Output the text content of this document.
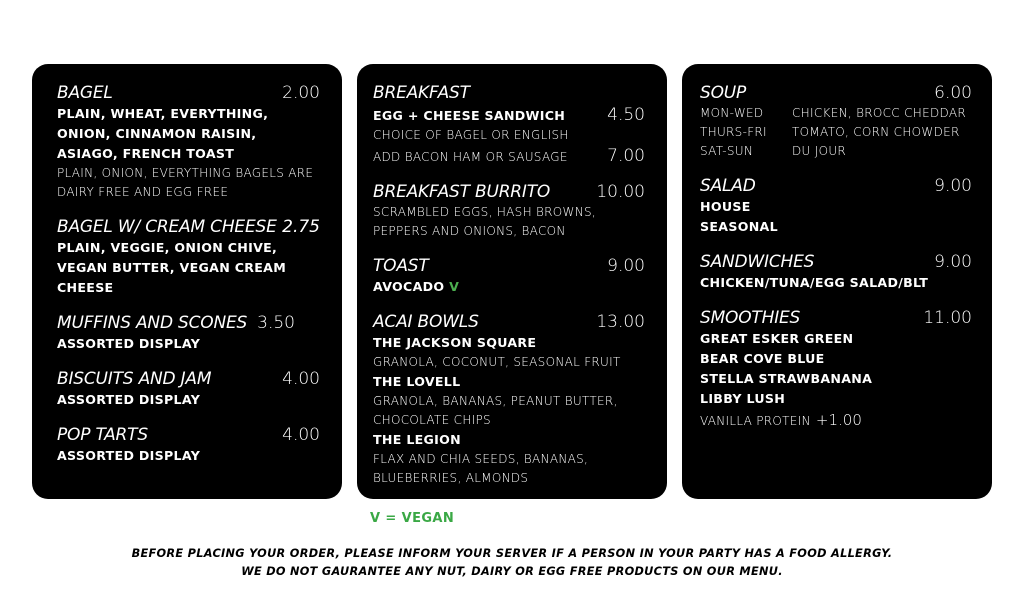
BAGEL	2.00
PLAIN, WHEAT, EVERYTHING,
ONION, CINNAMON RAISIN,
ASIAGO, FRENCH TOAST
PLAIN, ONION, EVERYTHING BAGELS ARE
DAIRY FREE AND EGG FREE
BAGEL W/ CREAM CHEESE 2.75
PLAIN, VEGGIE, ONION CHIVE,
VEGAN BUTTER, VEGAN CREAM
CHEESE
MUFFINS AND SCONES 3.50
ASSORTED DISPLAY
BISCUITS AND JAM	4.00
ASSORTED DISPLAY
POP TARTS	4.00
ASSORTED DISPLAY
BREAKFAST
EGG + CHEESE SANDWICH 4.50
CHOICE OF BAGEL OR ENGLISH
ADD BACON HAM OR SAUSAGE 7.00
BREAKFAST BURRITO	10.00
SCRAMBLED EGGS, HASH BROWNS,
PEPPERS AND ONIONS, BACON
TOAST	9.00
AVOCADO V
ACAI BOWLS	13.00
THE JACKSON SQUARE
GRANOLA, COCONUT, SEASONAL FRUIT
THE LOVELL
GRANOLA, BANANAS, PEANUT BUTTER,
CHOCOLATE CHIPS
THE LEGION
FLAX AND CHIA SEEDS, BANANAS,
BLUEBERRIES, ALMONDS
SOUP	6.00
MON-WED	CHICKEN, BROCC CHEDDAR
THURS-FRI	TOMATO, CORN CHOWDER
SAT-SUN	DU JOUR
SALAD	9.00
HOUSE
SEASONAL
SANDWICHES	9.00
CHICKEN/TUNA/EGG SALAD/BLT
SMOOTHIES	11.00
GREAT ESKER GREEN
BEAR COVE BLUE
STELLA STRAWBANANA
LIBBY LUSH
VANILLA PROTEIN +1.00
V = VEGAN
BEFORE PLACING YOUR ORDER, PLEASE INFORM YOUR SERVER IF A PERSON IN YOUR PARTY HAS A FOOD ALLERGY.
WE DO NOT GAURANTEE ANY NUT, DAIRY OR EGG FREE PRODUCTS ON OUR MENU.
